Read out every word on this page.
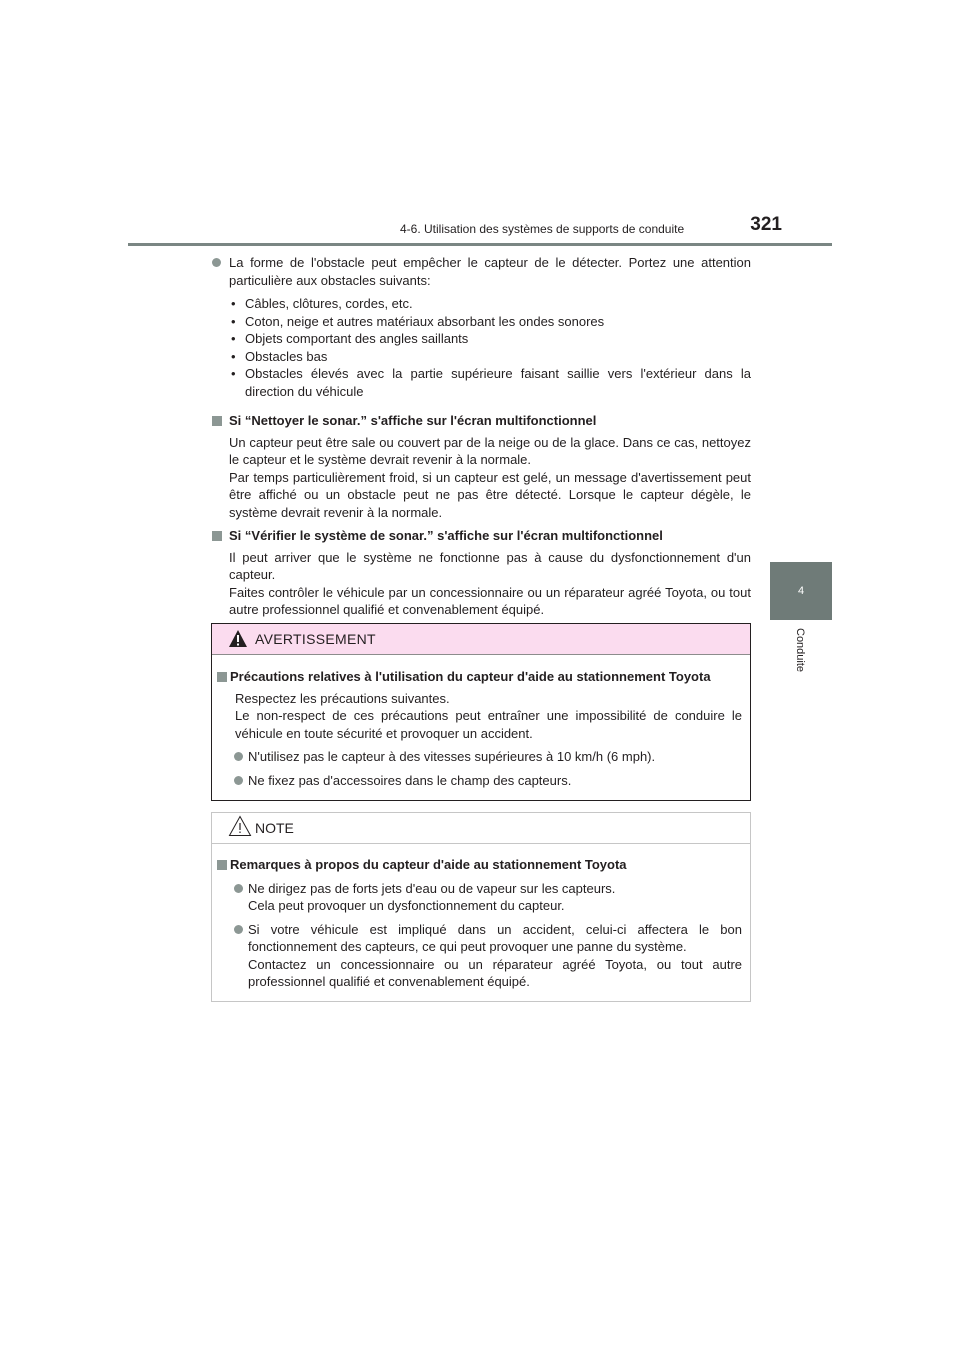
4-6. Utilisation des systèmes de supports de conduite	321
4
Conduite
La forme de l'obstacle peut empêcher le capteur de le détecter. Portez une attention particulière aux obstacles suivants:
• Câbles, clôtures, cordes, etc.
• Coton, neige et autres matériaux absorbant les ondes sonores
• Objets comportant des angles saillants
• Obstacles bas
• Obstacles élevés avec la partie supérieure faisant saillie vers l'extérieur dans la direction du véhicule
Si “Nettoyer le sonar.” s'affiche sur l'écran multifonctionnel
Un capteur peut être sale ou couvert par de la neige ou de la glace. Dans ce cas, nettoyez le capteur et le système devrait revenir à la normale.
Par temps particulièrement froid, si un capteur est gelé, un message d'avertissement peut être affiché ou un obstacle peut ne pas être détecté. Lorsque le capteur dégèle, le système devrait revenir à la normale.
Si “Vérifier le système de sonar.” s'affiche sur l'écran multifonctionnel
Il peut arriver que le système ne fonctionne pas à cause du dysfonctionnement d'un capteur.
Faites contrôler le véhicule par un concessionnaire ou un réparateur agréé Toyota, ou tout autre professionnel qualifié et convenablement équipé.
AVERTISSEMENT
Précautions relatives à l'utilisation du capteur d'aide au stationnement Toyota
Respectez les précautions suivantes.
Le non-respect de ces précautions peut entraîner une impossibilité de conduire le véhicule en toute sécurité et provoquer un accident.
N'utilisez pas le capteur à des vitesses supérieures à 10 km/h (6 mph).
Ne fixez pas d'accessoires dans le champ des capteurs.
NOTE
Remarques à propos du capteur d'aide au stationnement Toyota
Ne dirigez pas de forts jets d'eau ou de vapeur sur les capteurs.
Cela peut provoquer un dysfonctionnement du capteur.
Si votre véhicule est impliqué dans un accident, celui-ci affectera le bon fonctionnement des capteurs, ce qui peut provoquer une panne du système.
Contactez un concessionnaire ou un réparateur agréé Toyota, ou tout autre professionnel qualifié et convenablement équipé.
